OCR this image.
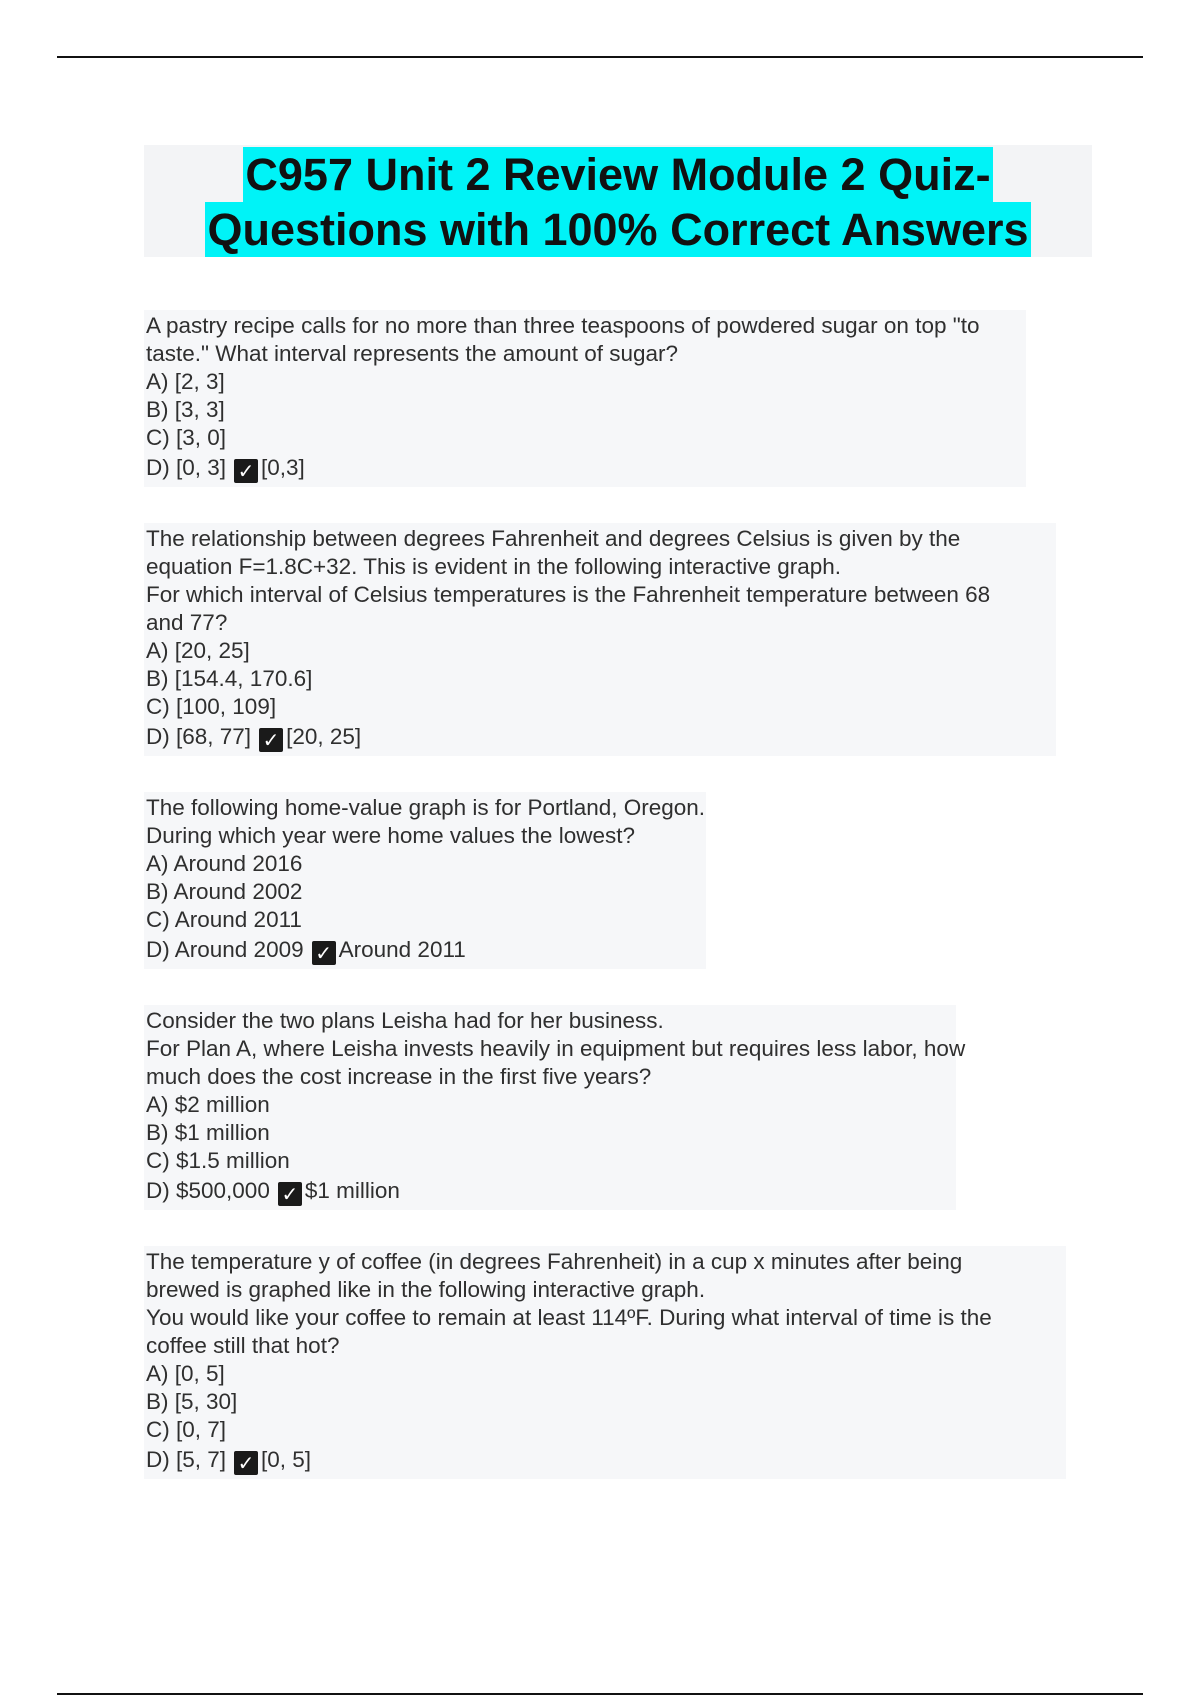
C957 Unit 2 Review Module 2 Quiz-
Questions with 100% Correct Answers
A pastry recipe calls for no more than three teaspoons of powdered sugar on top "to
taste." What interval represents the amount of sugar?
A) [2, 3]
B) [3, 3]
C) [3, 0]
D) [0, 3] ✓ [0,3]
The relationship between degrees Fahrenheit and degrees Celsius is given by the
equation F=1.8C+32. This is evident in the following interactive graph.
For which interval of Celsius temperatures is the Fahrenheit temperature between 68
and 77?
A) [20, 25]
B) [154.4, 170.6]
C) [100, 109]
D) [68, 77] ✓ [20, 25]
The following home-value graph is for Portland, Oregon.
During which year were home values the lowest?
A) Around 2016
B) Around 2002
C) Around 2011
D) Around 2009 ✓ Around 2011
Consider the two plans Leisha had for her business.
For Plan A, where Leisha invests heavily in equipment but requires less labor, how
much does the cost increase in the first five years?
A) $2 million
B) $1 million
C) $1.5 million
D) $500,000 ✓ $1 million
The temperature y of coffee (in degrees Fahrenheit) in a cup x minutes after being
brewed is graphed like in the following interactive graph.
You would like your coffee to remain at least 114ºF. During what interval of time is the
coffee still that hot?
A) [0, 5]
B) [5, 30]
C) [0, 7]
D) [5, 7] ✓ [0, 5]
